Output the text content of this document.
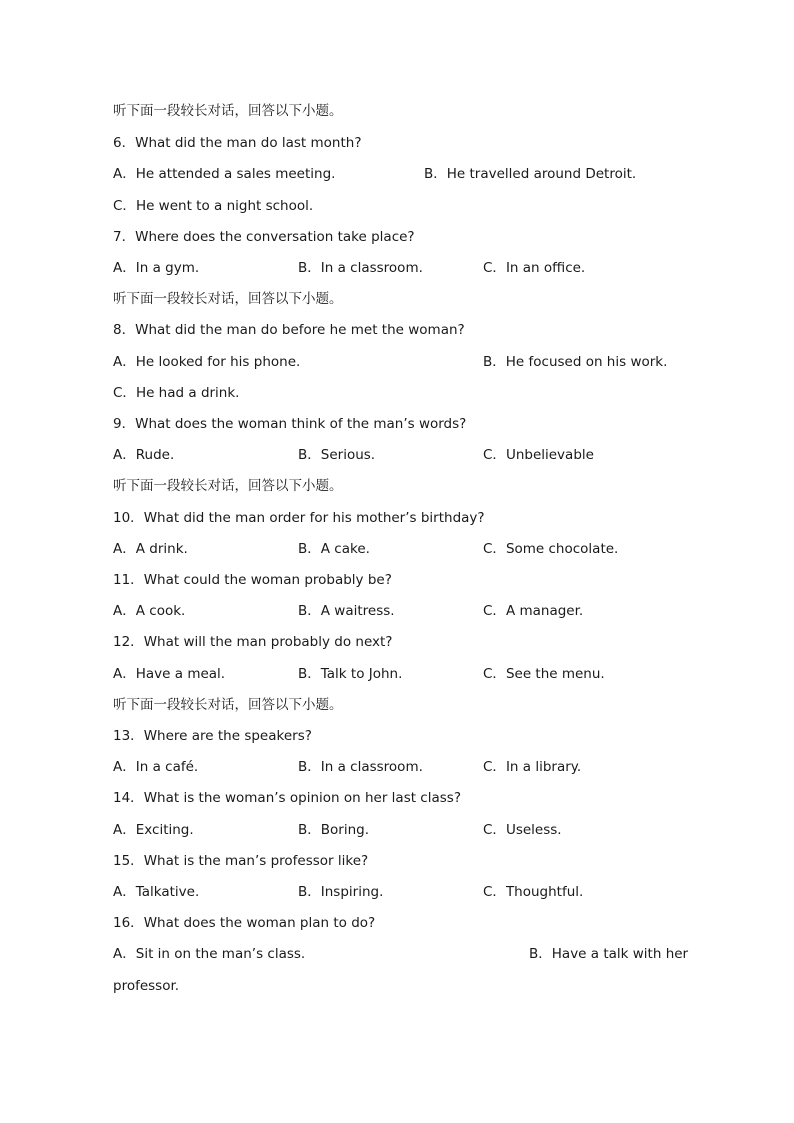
听下面一段较长对话，回答以下小题。
6．What did the man do last month?
A．He attended a sales meeting.	B．He travelled around Detroit.
C．He went to a night school.
7．Where does the conversation take place?
A．In a gym.	B．In a classroom.	C．In an office.
听下面一段较长对话，回答以下小题。
8．What did the man do before he met the woman?
A．He looked for his phone.	B．He focused on his work.
C．He had a drink.
9．What does the woman think of the man’s words?
A．Rude.	B．Serious.	C．Unbelievable
听下面一段较长对话，回答以下小题。
10．What did the man order for his mother’s birthday?
A．A drink.	B．A cake.	C．Some chocolate.
11．What could the woman probably be?
A．A cook.	B．A waitress.	C．A manager.
12．What will the man probably do next?
A．Have a meal.	B．Talk to John.	C．See the menu.
听下面一段较长对话，回答以下小题。
13．Where are the speakers?
A．In a café.	B．In a classroom.	C．In a library.
14．What is the woman’s opinion on her last class?
A．Exciting.	B．Boring.	C．Useless.
15．What is the man’s professor like?
A．Talkative.	B．Inspiring.	C．Thoughtful.
16．What does the woman plan to do?
A．Sit in on the man’s class.	B．Have a talk with her
professor.
